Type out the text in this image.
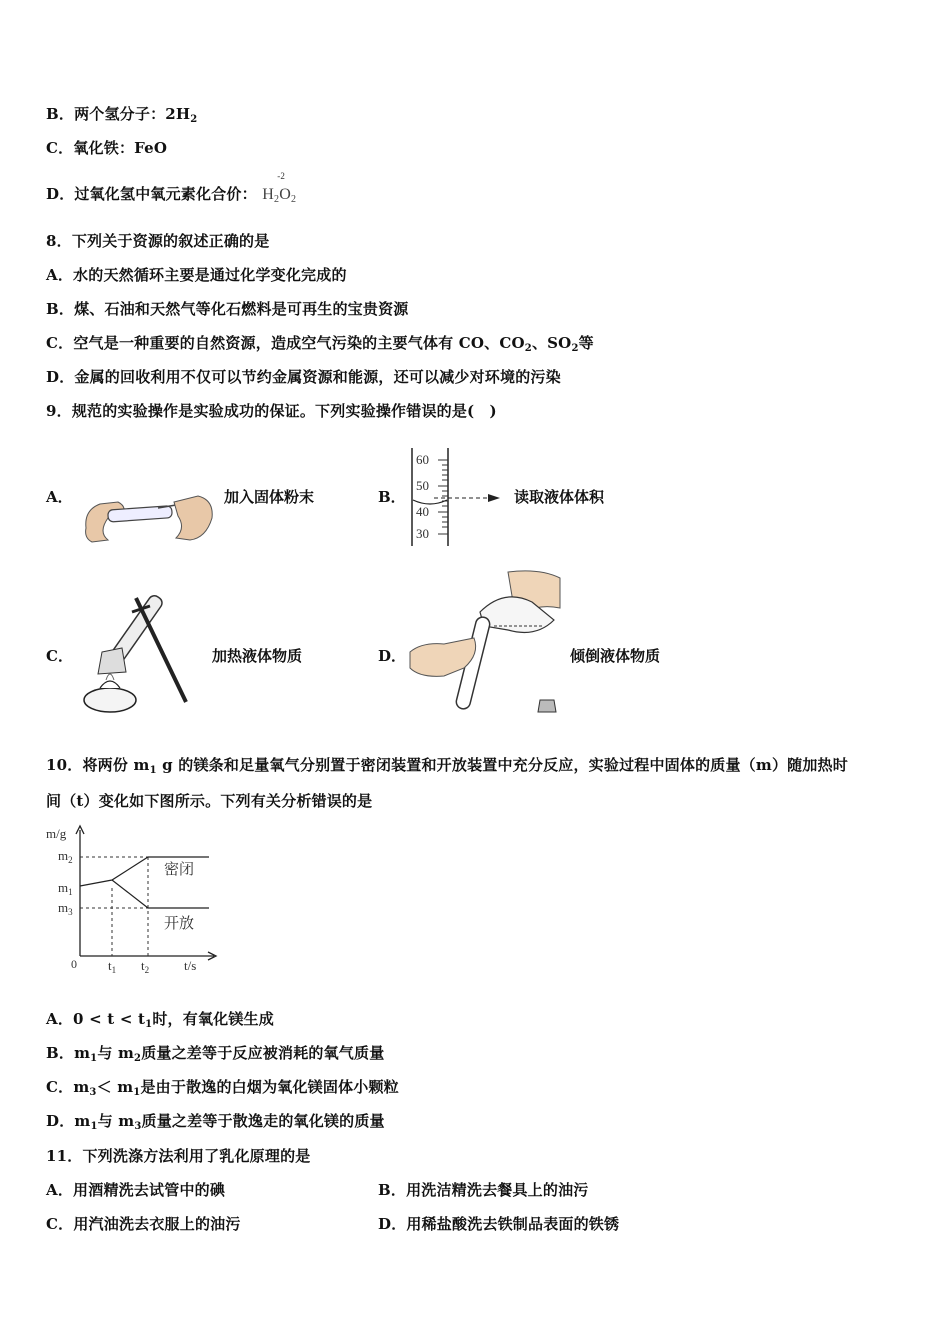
B．两个氢分子：$2H_2$
C．氧化铁：FeO
D．过氧化氢中氧元素化合价： $H_2$
-2
$O_2$
8．下列关于资源的叙述正确的是
A．水的天然循环主要是通过化学变化完成的
B．煤、石油和天然气等化石燃料是可再生的宝贵资源
C．空气是一种重要的自然资源，造成空气污染的主要气体有 CO、$CO_2$、$SO_2$等
D．金属的回收利用不仅可以节约金属资源和能源，还可以减少对环境的污染
9．规范的实验操作是实验成功的保证。下列实验操作错误的是(　)
A．	加入固体粉末	B．
60
50
40
30
读取液体体积
C．	加热液体物质	D．	倾倒液体物质
10．将两份 $m_1$ g 的镁条和足量氧气分别置于密闭装置和开放装置中充分反应，实验过程中固体的质量（m）随加热时
间（t）变化如下图所示。下列有关分析错误的是
m/g
t/s
0
$m_2$
$m_1$
$m_3$
$t_1$ $t_2$
密闭
开放
A．$0 < t < t_1$时，有氧化镁生成
B．$m_1$与 $m_2$质量之差等于反应被消耗的氧气质量
C．$m_3< m_1$是由于散逸的白烟为氧化镁固体小颗粒
D．$m_1$与 $m_3$质量之差等于散逸走的氧化镁的质量
11．下列洗涤方法利用了乳化原理的是
A．用酒精洗去试管中的碘	B．用洗洁精洗去餐具上的油污
C．用汽油洗去衣服上的油污	D．用稀盐酸洗去铁制品表面的铁锈
